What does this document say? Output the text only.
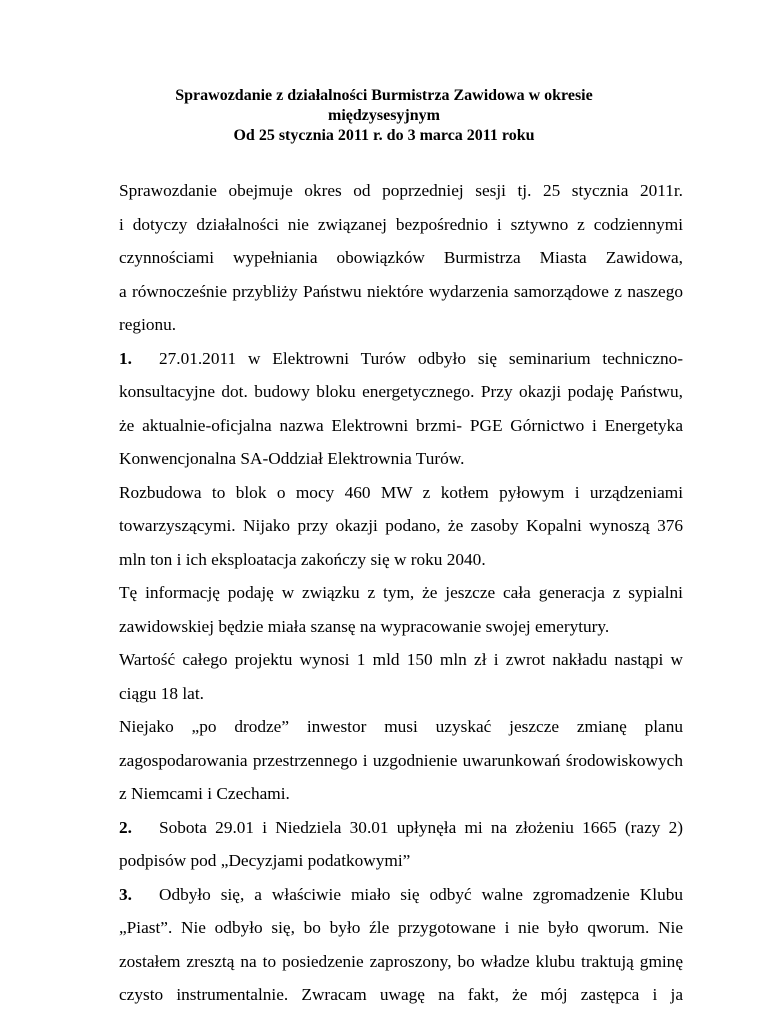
Sprawozdanie z działalności Burmistrza Zawidowa w okresie
międzysesyjnym
Od 25 stycznia 2011 r. do 3 marca 2011 roku
Sprawozdanie obejmuje okres od poprzedniej sesji tj. 25 stycznia 2011r.
i dotyczy działalności nie związanej bezpośrednio i sztywno z codziennymi
czynnościami wypełniania obowiązków Burmistrza Miasta Zawidowa,
a równocześnie przybliży Państwu niektóre wydarzenia samorządowe z naszego
regionu.
1. 27.01.2011 w Elektrowni Turów odbyło się seminarium techniczno-
konsultacyjne dot. budowy bloku energetycznego. Przy okazji podaję Państwu,
że aktualnie-oficjalna nazwa Elektrowni brzmi- PGE Górnictwo i Energetyka
Konwencjonalna SA-Oddział Elektrownia Turów.
Rozbudowa to blok o mocy 460 MW z kotłem pyłowym i urządzeniami
towarzyszącymi. Nijako przy okazji podano, że zasoby Kopalni wynoszą 376
mln ton i ich eksploatacja zakończy się w roku 2040.
Tę informację podaję w związku z tym, że jeszcze cała generacja z sypialni
zawidowskiej będzie miała szansę na wypracowanie swojej emerytury.
Wartość całego projektu wynosi 1 mld 150 mln zł i zwrot nakładu nastąpi w
ciągu 18 lat.
Niejako „po drodze” inwestor musi uzyskać jeszcze zmianę planu
zagospodarowania przestrzennego i uzgodnienie uwarunkowań środowiskowych
z Niemcami i Czechami.
2. Sobota 29.01 i Niedziela 30.01 upłynęła mi na złożeniu 1665 (razy 2)
podpisów pod „Decyzjami podatkowymi”
3. Odbyło się, a właściwie miało się odbyć walne zgromadzenie Klubu
„Piast”. Nie odbyło się, bo było źle przygotowane i nie było qworum. Nie
zostałem zresztą na to posiedzenie zaproszony, bo władze klubu traktują gminę
czysto instrumentalnie. Zwracam uwagę na fakt, że mój zastępca i ja
